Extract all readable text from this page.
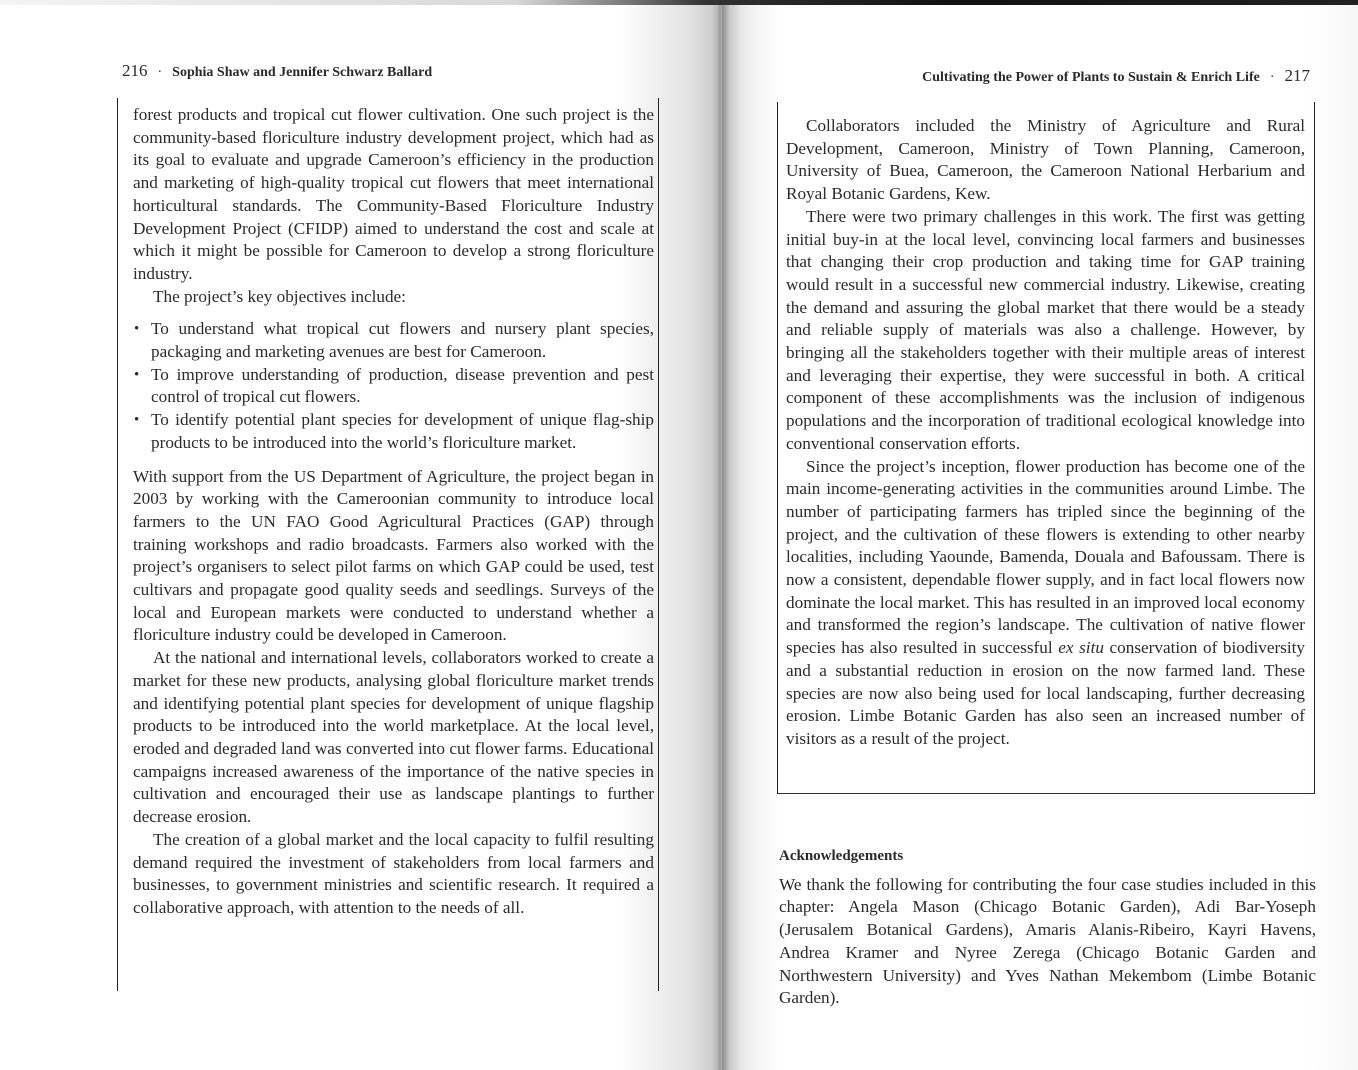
216 · Sophia Shaw and Jennifer Schwarz Ballard	Cultivating the Power of Plants to Sustain & Enrich Life · 217

forest products and tropical cut flower cultivation. One such project is the community-based floriculture industry development project, which had as its goal to evaluate and upgrade Cameroon’s efficiency in the production and marketing of high-quality tropical cut flowers that meet international horticultural standards. The Community-Based Floriculture Industry Development Project (CFIDP) aimed to understand the cost and scale at which it might be possible for Cameroon to develop a strong floriculture industry.

The project’s key objectives include:

• To understand what tropical cut flowers and nursery plant species, packaging and marketing avenues are best for Cameroon.
• To improve understanding of production, disease prevention and pest control of tropical cut flowers.
• To identify potential plant species for development of unique flag-ship products to be introduced into the world’s floriculture market.

With support from the US Department of Agriculture, the project began in 2003 by working with the Cameroonian community to introduce local farmers to the UN FAO Good Agricultural Practices (GAP) through training workshops and radio broadcasts. Farmers also worked with the project’s organisers to select pilot farms on which GAP could be used, test cultivars and propagate good quality seeds and seedlings. Surveys of the local and European markets were conducted to understand whether a floriculture industry could be developed in Cameroon.

At the national and international levels, collaborators worked to create a market for these new products, analysing global floriculture market trends and identifying potential plant species for development of unique flagship products to be introduced into the world marketplace. At the local level, eroded and degraded land was converted into cut flower farms. Educational campaigns increased awareness of the importance of the native species in cultivation and encouraged their use as landscape plantings to further decrease erosion.

The creation of a global market and the local capacity to fulfil resulting demand required the investment of stakeholders from local farmers and businesses, to government ministries and scientific research. It required a collaborative approach, with attention to the needs of all.

Collaborators included the Ministry of Agriculture and Rural Development, Cameroon, Ministry of Town Planning, Cameroon, University of Buea, Cameroon, the Cameroon National Herbarium and Royal Botanic Gardens, Kew.

There were two primary challenges in this work. The first was getting initial buy-in at the local level, convincing local farmers and businesses that changing their crop production and taking time for GAP training would result in a successful new commercial industry. Likewise, creating the demand and assuring the global market that there would be a steady and reliable supply of materials was also a challenge. However, by bringing all the stakeholders together with their multiple areas of interest and leveraging their expertise, they were successful in both. A critical component of these accomplishments was the inclusion of indigenous populations and the incorporation of traditional ecological knowledge into conventional conservation efforts.

Since the project’s inception, flower production has become one of the main income-generating activities in the communities around Limbe. The number of participating farmers has tripled since the beginning of the project, and the cultivation of these flowers is extending to other nearby localities, including Yaounde, Bamenda, Douala and Bafoussam. There is now a consistent, dependable flower supply, and in fact local flowers now dominate the local market. This has resulted in an improved local economy and transformed the region’s landscape. The cultivation of native flower species has also resulted in successful ex situ conservation of biodiversity and a substantial reduction in erosion on the now farmed land. These species are now also being used for local landscaping, further decreasing erosion. Limbe Botanic Garden has also seen an increased number of visitors as a result of the project.

Acknowledgements

We thank the following for contributing the four case studies included in this chapter: Angela Mason (Chicago Botanic Garden), Adi Bar-Yoseph (Jerusalem Botanical Gardens), Amaris Alanis-Ribeiro, Kayri Havens, Andrea Kramer and Nyree Zerega (Chicago Botanic Garden and Northwestern University) and Yves Nathan Mekembom (Limbe Botanic Garden).
